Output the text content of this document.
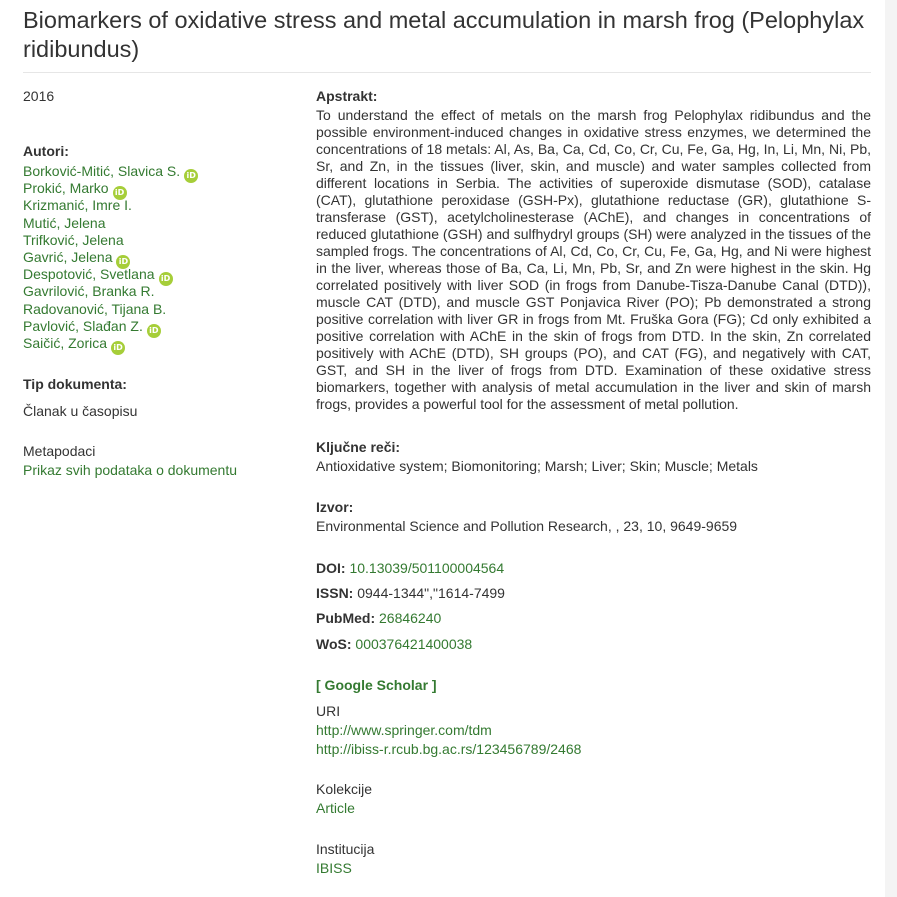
Biomarkers of oxidative stress and metal accumulation in marsh frog (Pelophylax ridibundus)
2016
Autori:
Borković-Mitić, Slavica S. iD
Prokić, Marko iD
Krizmanić, Imre I.
Mutić, Jelena
Trifković, Jelena
Gavrić, Jelena iD
Despotović, Svetlana iD
Gavrilović, Branka R.
Radovanović, Tijana B.
Pavlović, Slađan Z. iD
Saičić, Zorica iD
Tip dokumenta:
Članak u časopisu
Metapodaci
Prikaz svih podataka o dokumentu
Apstrakt:

To understand the effect of metals on the marsh frog Pelophylax ridibundus and the possible environment-induced changes in oxidative stress enzymes, we determined the concentrations of 18 metals: Al, As, Ba, Ca, Cd, Co, Cr, Cu, Fe, Ga, Hg, In, Li, Mn, Ni, Pb, Sr, and Zn, in the tissues (liver, skin, and muscle) and water samples collected from different locations in Serbia. The activities of superoxide dismutase (SOD), catalase (CAT), glutathione peroxidase (GSH-Px), glutathione reductase (GR), glutathione S-transferase (GST), acetylcholinesterase (AChE), and changes in concentrations of reduced glutathione (GSH) and sulfhydryl groups (SH) were analyzed in the tissues of the sampled frogs. The concentrations of Al, Cd, Co, Cr, Cu, Fe, Ga, Hg, and Ni were highest in the liver, whereas those of Ba, Ca, Li, Mn, Pb, Sr, and Zn were highest in the skin. Hg correlated positively with liver SOD (in frogs from Danube-Tisza-Danube Canal (DTD)), muscle CAT (DTD), and muscle GST Ponjavica River (PO); Pb demonstrated a strong positive correlation with liver GR in frogs from Mt. Fruška Gora (FG); Cd only exhibited a positive correlation with AChE in the skin of frogs from DTD. In the skin, Zn correlated positively with AChE (DTD), SH groups (PO), and CAT (FG), and negatively with CAT, GST, and SH in the liver of frogs from DTD. Examination of these oxidative stress biomarkers, together with analysis of metal accumulation in the liver and skin of marsh frogs, provides a powerful tool for the assessment of metal pollution.

Ključne reči:
Antioxidative system; Biomonitoring; Marsh; Liver; Skin; Muscle; Metals
Izvor:
Environmental Science and Pollution Research, , 23, 10, 9649-9659
DOI: 10.13039/501100004564
ISSN: 0944-1344","1614-7499
PubMed: 26846240
WoS: 000376421400038
[ Google Scholar ]
URI
http://www.springer.com/tdm
http://ibiss-r.rcub.bg.ac.rs/123456789/2468
Kolekcije
Article
Institucija
IBISS
